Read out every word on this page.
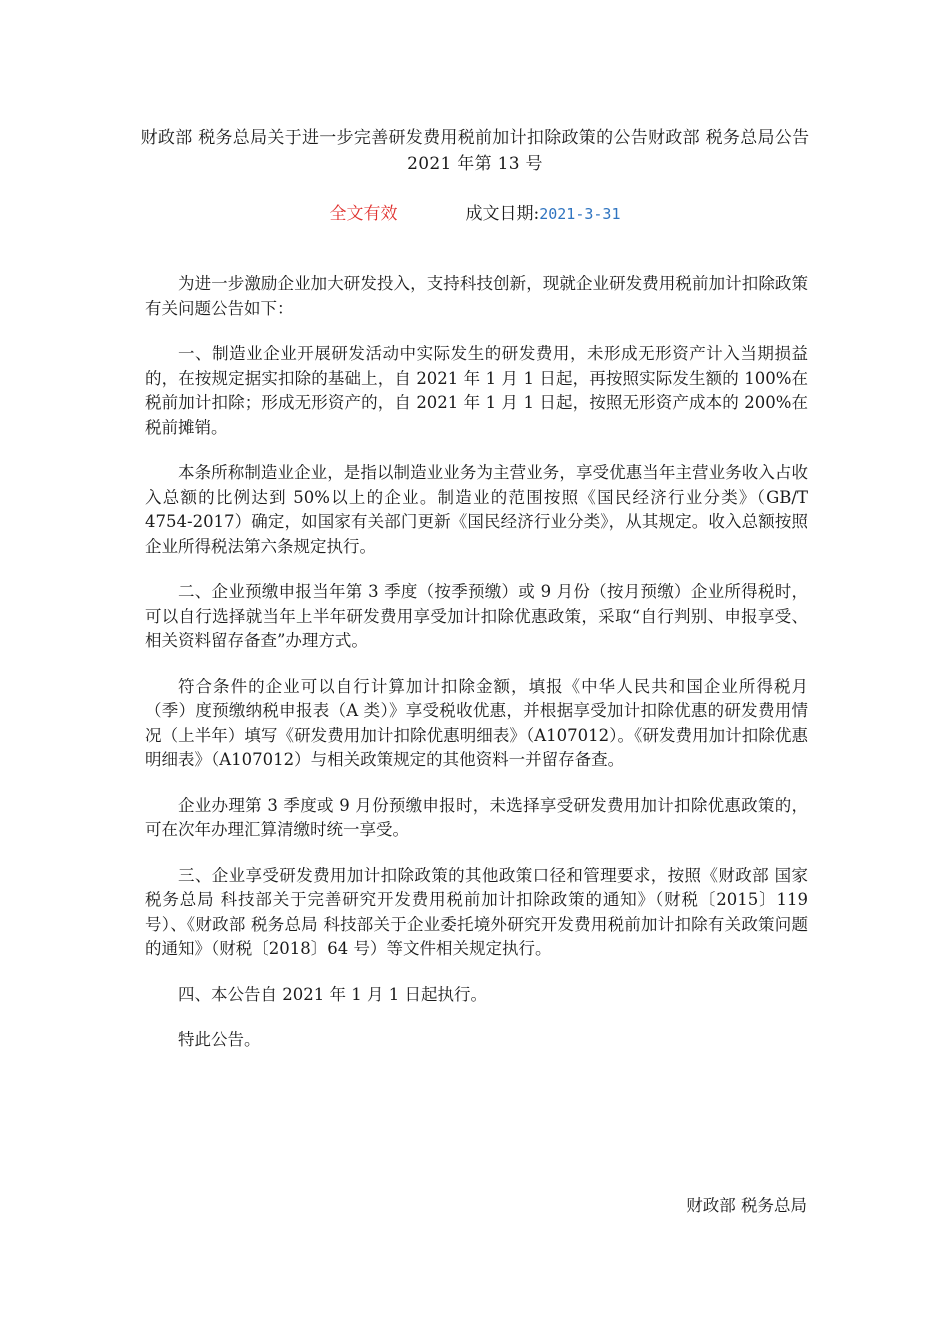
财政部 税务总局关于进一步完善研发费用税前加计扣除政策的公告财政部 税务总局公告 2021 年第 13 号
全文有效	成文日期:2021-3-31

为进一步激励企业加大研发投入，支持科技创新，现就企业研发费用税前加计扣除政策有关问题公告如下：

一、制造业企业开展研发活动中实际发生的研发费用，未形成无形资产计入当期损益的，在按规定据实扣除的基础上，自 2021 年 1 月 1 日起，再按照实际发生额的 100%在税前加计扣除；形成无形资产的，自 2021 年 1 月 1 日起，按照无形资产成本的 200%在税前摊销。

本条所称制造业企业，是指以制造业业务为主营业务，享受优惠当年主营业务收入占收入总额的比例达到 50%以上的企业。制造业的范围按照《国民经济行业分类》（GB/T 4754-2017）确定，如国家有关部门更新《国民经济行业分类》，从其规定。收入总额按照企业所得税法第六条规定执行。

二、企业预缴申报当年第 3 季度（按季预缴）或 9 月份（按月预缴）企业所得税时，可以自行选择就当年上半年研发费用享受加计扣除优惠政策，采取“自行判别、申报享受、相关资料留存备查”办理方式。

符合条件的企业可以自行计算加计扣除金额，填报《中华人民共和国企业所得税月（季）度预缴纳税申报表（A 类）》享受税收优惠，并根据享受加计扣除优惠的研发费用情况（上半年）填写《研发费用加计扣除优惠明细表》（A107012）。《研发费用加计扣除优惠明细表》（A107012）与相关政策规定的其他资料一并留存备查。

企业办理第 3 季度或 9 月份预缴申报时，未选择享受研发费用加计扣除优惠政策的，可在次年办理汇算清缴时统一享受。

三、企业享受研发费用加计扣除政策的其他政策口径和管理要求，按照《财政部 国家税务总局 科技部关于完善研究开发费用税前加计扣除政策的通知》（财税〔2015〕119 号）、《财政部 税务总局 科技部关于企业委托境外研究开发费用税前加计扣除有关政策问题的通知》（财税〔2018〕64 号）等文件相关规定执行。

四、本公告自 2021 年 1 月 1 日起执行。

特此公告。

财政部 税务总局
